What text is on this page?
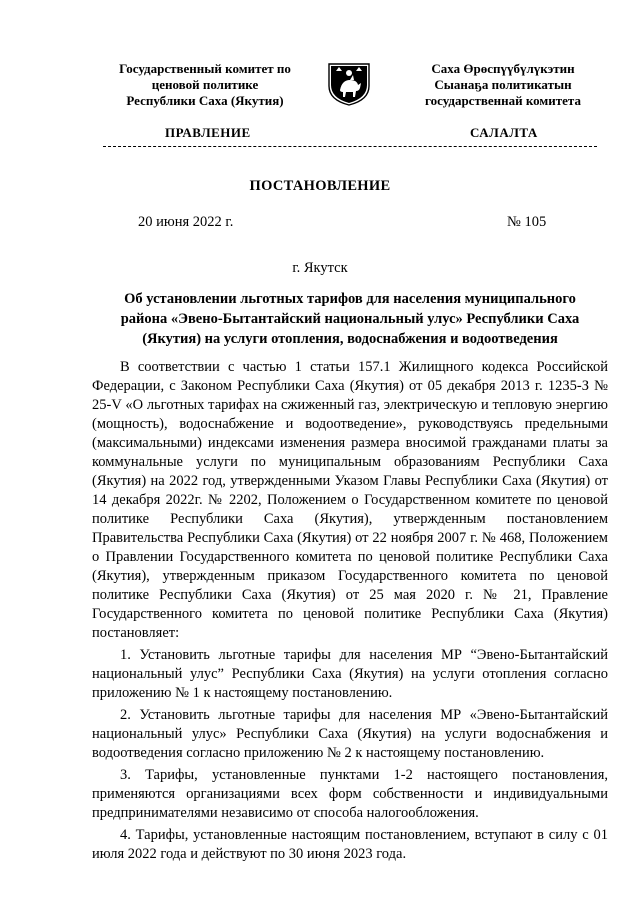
Государственный комитет по
ценовой политике
Республики Саха (Якутия)
Саха Өрөспүүбүлүкэтин
Сыанаҕа политикатын
государственнай комитета
ПРАВЛЕНИЕ	САЛАЛТА
ПОСТАНОВЛЕНИЕ
20 июня 2022 г.	№ 105
г. Якутск
Об установлении льготных тарифов для населения муниципального
района «Эвено-Бытантайский национальный улус» Республики Саха
(Якутия) на услуги отопления, водоснабжения и водоотведения

В соответствии с частью 1 статьи 157.1 Жилищного кодекса Российской Федерации, с Законом Республики Саха (Якутия) от 05 декабря 2013 г. 1235-З № 25-V «О льготных тарифах на сжиженный газ, электрическую и тепловую энергию (мощность), водоснабжение и водоотведение», руководствуясь предельными (максимальными) индексами изменения размера вносимой гражданами платы за коммунальные услуги по муниципальным образованиям Республики Саха (Якутия) на 2022 год, утвержденными Указом Главы Республики Саха (Якутия) от 14 декабря 2022г. № 2202, Положением о Государственном комитете по ценовой политике Республики Саха (Якутия), утвержденным постановлением Правительства Республики Саха (Якутия) от 22 ноября 2007 г. № 468, Положением о Правлении Государственного комитета по ценовой политике Республики Саха (Якутия), утвержденным приказом Государственного комитета по ценовой политике Республики Саха (Якутия) от 25 мая 2020 г. № 21, Правление Государственного комитета по ценовой политике Республики Саха (Якутия) постановляет:

1. Установить льготные тарифы для населения МР “Эвено-Бытантайский национальный улус” Республики Саха (Якутия) на услуги отопления согласно приложению № 1 к настоящему постановлению.

2. Установить льготные тарифы для населения МР «Эвено-Бытантайский национальный улус» Республики Саха (Якутия) на услуги водоснабжения и водоотведения согласно приложению № 2 к настоящему постановлению.

3. Тарифы, установленные пунктами 1-2 настоящего постановления, применяются организациями всех форм собственности и индивидуальными предпринимателями независимо от способа налогообложения.

4. Тарифы, установленные настоящим постановлением, вступают в силу с 01 июля 2022 года и действуют по 30 июня 2023 года.
